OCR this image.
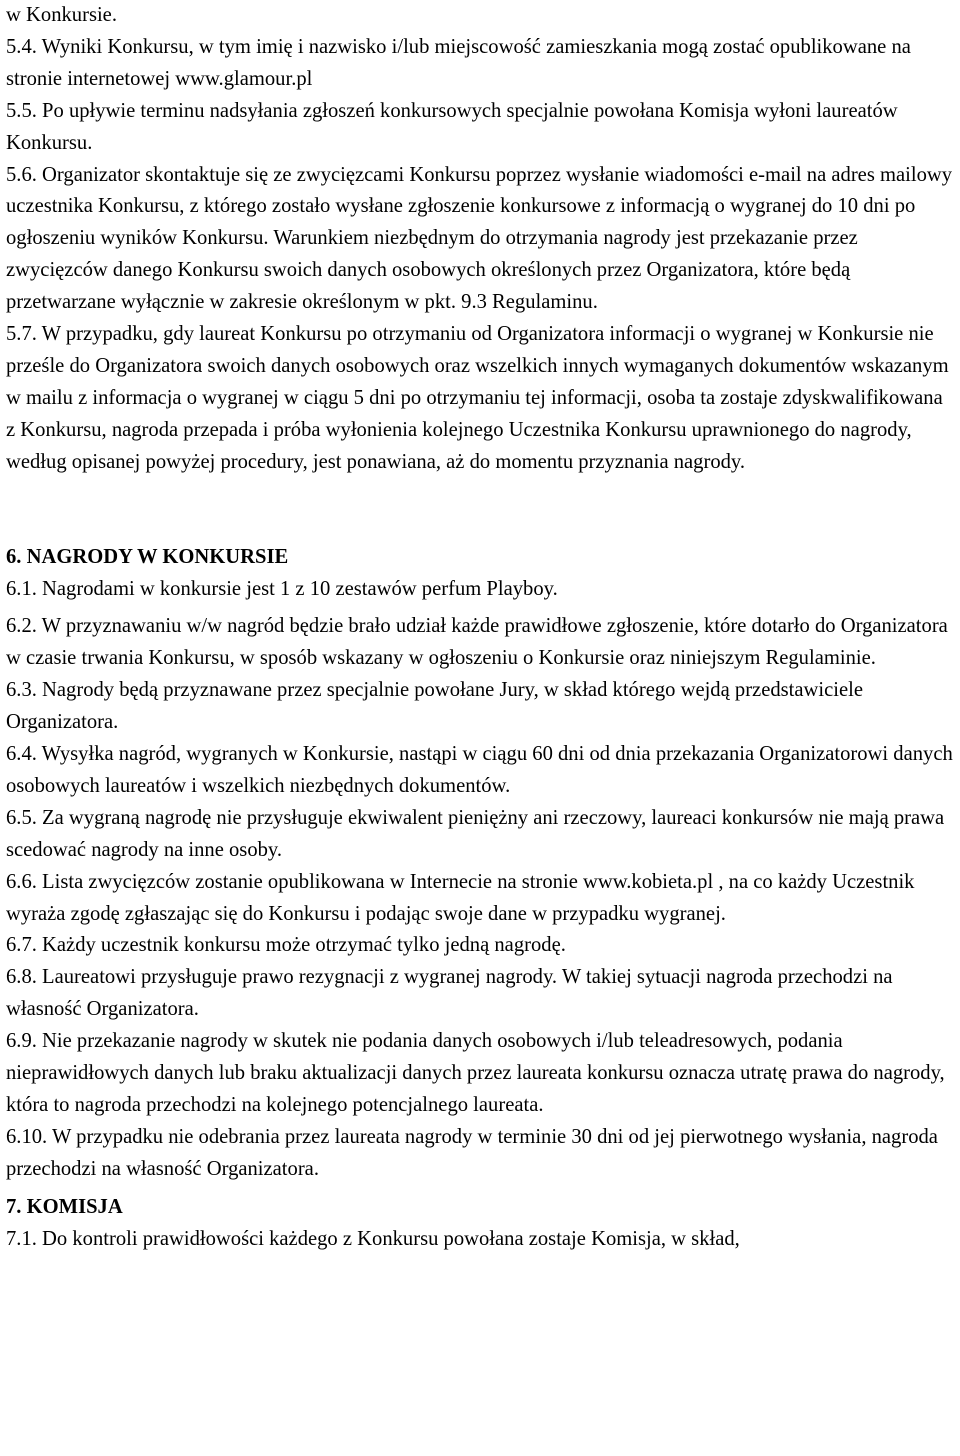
w Konkursie.

5.4. Wyniki Konkursu, w tym imię i nazwisko i/lub miejscowość zamieszkania mogą zostać opublikowane na stronie internetowej www.glamour.pl

5.5. Po upływie terminu nadsyłania zgłoszeń konkursowych specjalnie powołana Komisja wyłoni laureatów Konkursu.

5.6. Organizator skontaktuje się ze zwycięzcami Konkursu poprzez wysłanie wiadomości e-mail na adres mailowy uczestnika Konkursu, z którego zostało wysłane zgłoszenie konkursowe z informacją o wygranej do 10 dni po ogłoszeniu wyników Konkursu. Warunkiem niezbędnym do otrzymania nagrody jest przekazanie przez zwycięzców danego Konkursu swoich danych osobowych określonych przez Organizatora, które będą przetwarzane wyłącznie w zakresie określonym w pkt. 9.3 Regulaminu.

5.7. W przypadku, gdy laureat Konkursu po otrzymaniu od Organizatora informacji o wygranej w Konkursie nie prześle do Organizatora swoich danych osobowych oraz wszelkich innych wymaganych dokumentów wskazanym w mailu z informacja o wygranej w ciągu 5 dni po otrzymaniu tej informacji, osoba ta zostaje zdyskwalifikowana z Konkursu, nagroda przepada i próba wyłonienia kolejnego Uczestnika Konkursu uprawnionego do nagrody, według opisanej powyżej procedury, jest ponawiana, aż do momentu przyznania nagrody.

6. NAGRODY W KONKURSIE

6.1. Nagrodami w konkursie jest 1 z 10 zestawów perfum Playboy.

6.2. W przyznawaniu w/w nagród będzie brało udział każde prawidłowe zgłoszenie, które dotarło do Organizatora w czasie trwania Konkursu, w sposób wskazany w ogłoszeniu o Konkursie oraz niniejszym Regulaminie.

6.3. Nagrody będą przyznawane przez specjalnie powołane Jury, w skład którego wejdą przedstawiciele Organizatora.

6.4. Wysyłka nagród, wygranych w Konkursie, nastąpi w ciągu 60 dni od dnia przekazania Organizatorowi danych osobowych laureatów i wszelkich niezbędnych dokumentów.

6.5. Za wygraną nagrodę nie przysługuje ekwiwalent pieniężny ani rzeczowy, laureaci konkursów nie mają prawa scedować nagrody na inne osoby.

6.6. Lista zwycięzców zostanie opublikowana w Internecie na stronie www.kobieta.pl , na co każdy Uczestnik wyraża zgodę zgłaszając się do Konkursu i podając swoje dane w przypadku wygranej.

6.7. Każdy uczestnik konkursu może otrzymać tylko jedną nagrodę.

6.8. Laureatowi przysługuje prawo rezygnacji z wygranej nagrody. W takiej sytuacji nagroda przechodzi na własność Organizatora.

6.9. Nie przekazanie nagrody w skutek nie podania danych osobowych i/lub teleadresowych, podania nieprawidłowych danych lub braku aktualizacji danych przez laureata konkursu oznacza utratę prawa do nagrody, która to nagroda przechodzi na kolejnego potencjalnego laureata.

6.10. W przypadku nie odebrania przez laureata nagrody w terminie 30 dni od jej pierwotnego wysłania, nagroda przechodzi na własność Organizatora.

7. KOMISJA

7.1. Do kontroli prawidłowości każdego z Konkursu powołana zostaje Komisja, w skład,
